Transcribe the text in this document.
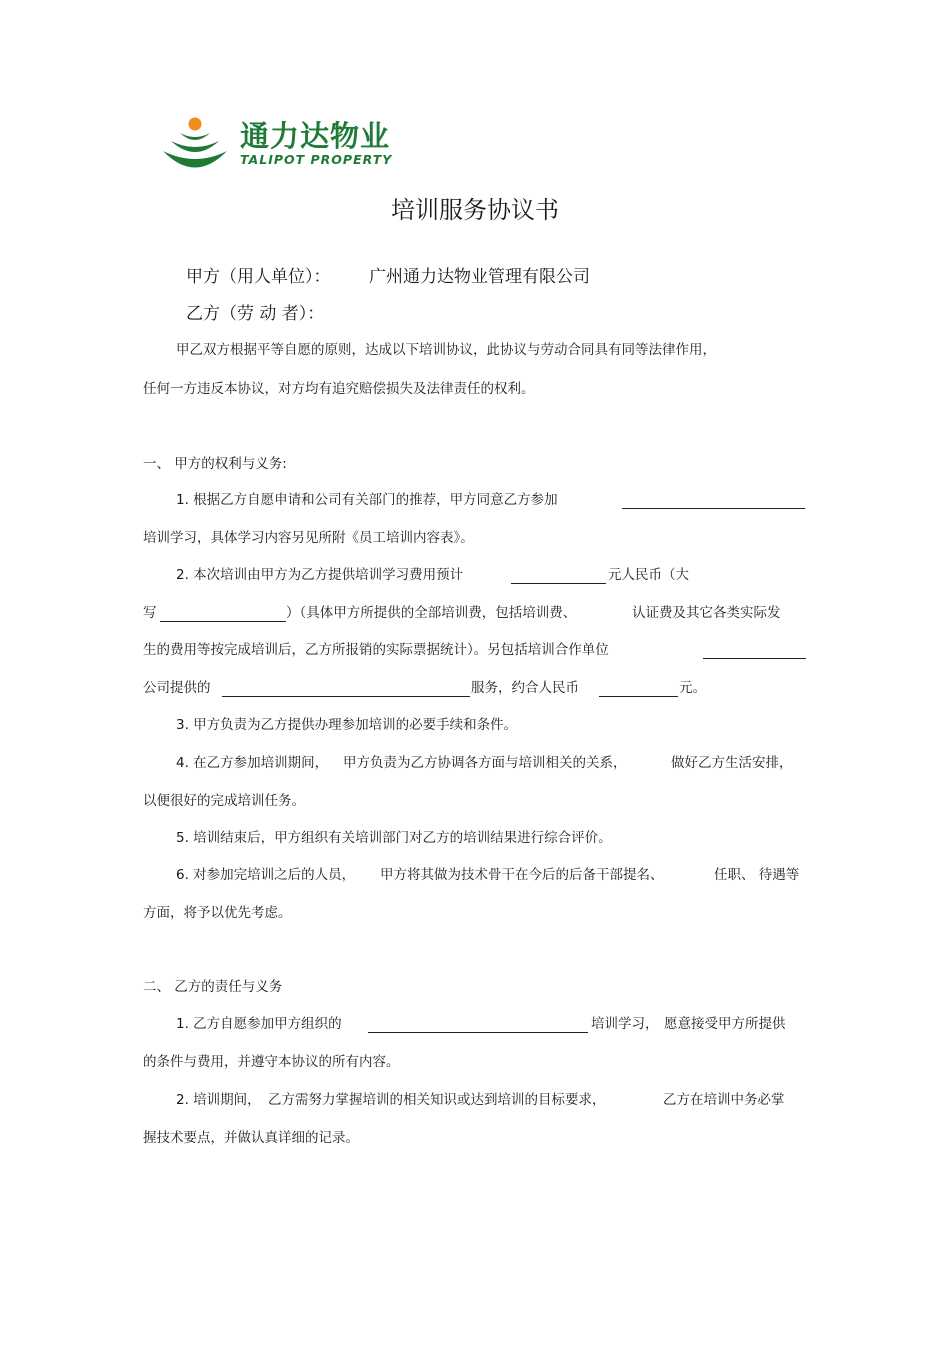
通力达物业
TALIPOT PROPERTY
培训服务协议书
甲方（用人单位）： 广州通力达物业管理有限公司
乙方（劳 动 者）：
甲乙双方根据平等自愿的原则，达成以下培训协议，此协议与劳动合同具有同等法律作用，
任何一方违反本协议，对方均有追究赔偿损失及法律责任的权利。
一、 甲方的权利与义务:
1. 根据乙方自愿申请和公司有关部门的推荐，甲方同意乙方参加
培训学习，具体学习内容另见所附《员工培训内容表》。
2. 本次培训由甲方为乙方提供培训学习费用预计	元人民币（大
写	）（具体甲方所提供的全部培训费，包括培训费、	认证费及其它各类实际发
生的费用等按完成培训后，乙方所报销的实际票据统计）。另包括培训合作单位
公司提供的	服务，约合人民币	元。
3. 甲方负责为乙方提供办理参加培训的必要手续和条件。
4. 在乙方参加培训期间， 甲方负责为乙方协调各方面与培训相关的关系，	做好乙方生活安排，
以便很好的完成培训任务。
5. 培训结束后，甲方组织有关培训部门对乙方的培训结果进行综合评价。
6. 对参加完培训之后的人员， 甲方将其做为技术骨干在今后的后备干部提名、	任职、 待遇等
方面，将予以优先考虑。
二、 乙方的责任与义务
1. 乙方自愿参加甲方组织的	培训学习， 愿意接受甲方所提供
的条件与费用，并遵守本协议的所有内容。
2. 培训期间， 乙方需努力掌握培训的相关知识或达到培训的目标要求，	乙方在培训中务必掌
握技术要点，并做认真详细的记录。
